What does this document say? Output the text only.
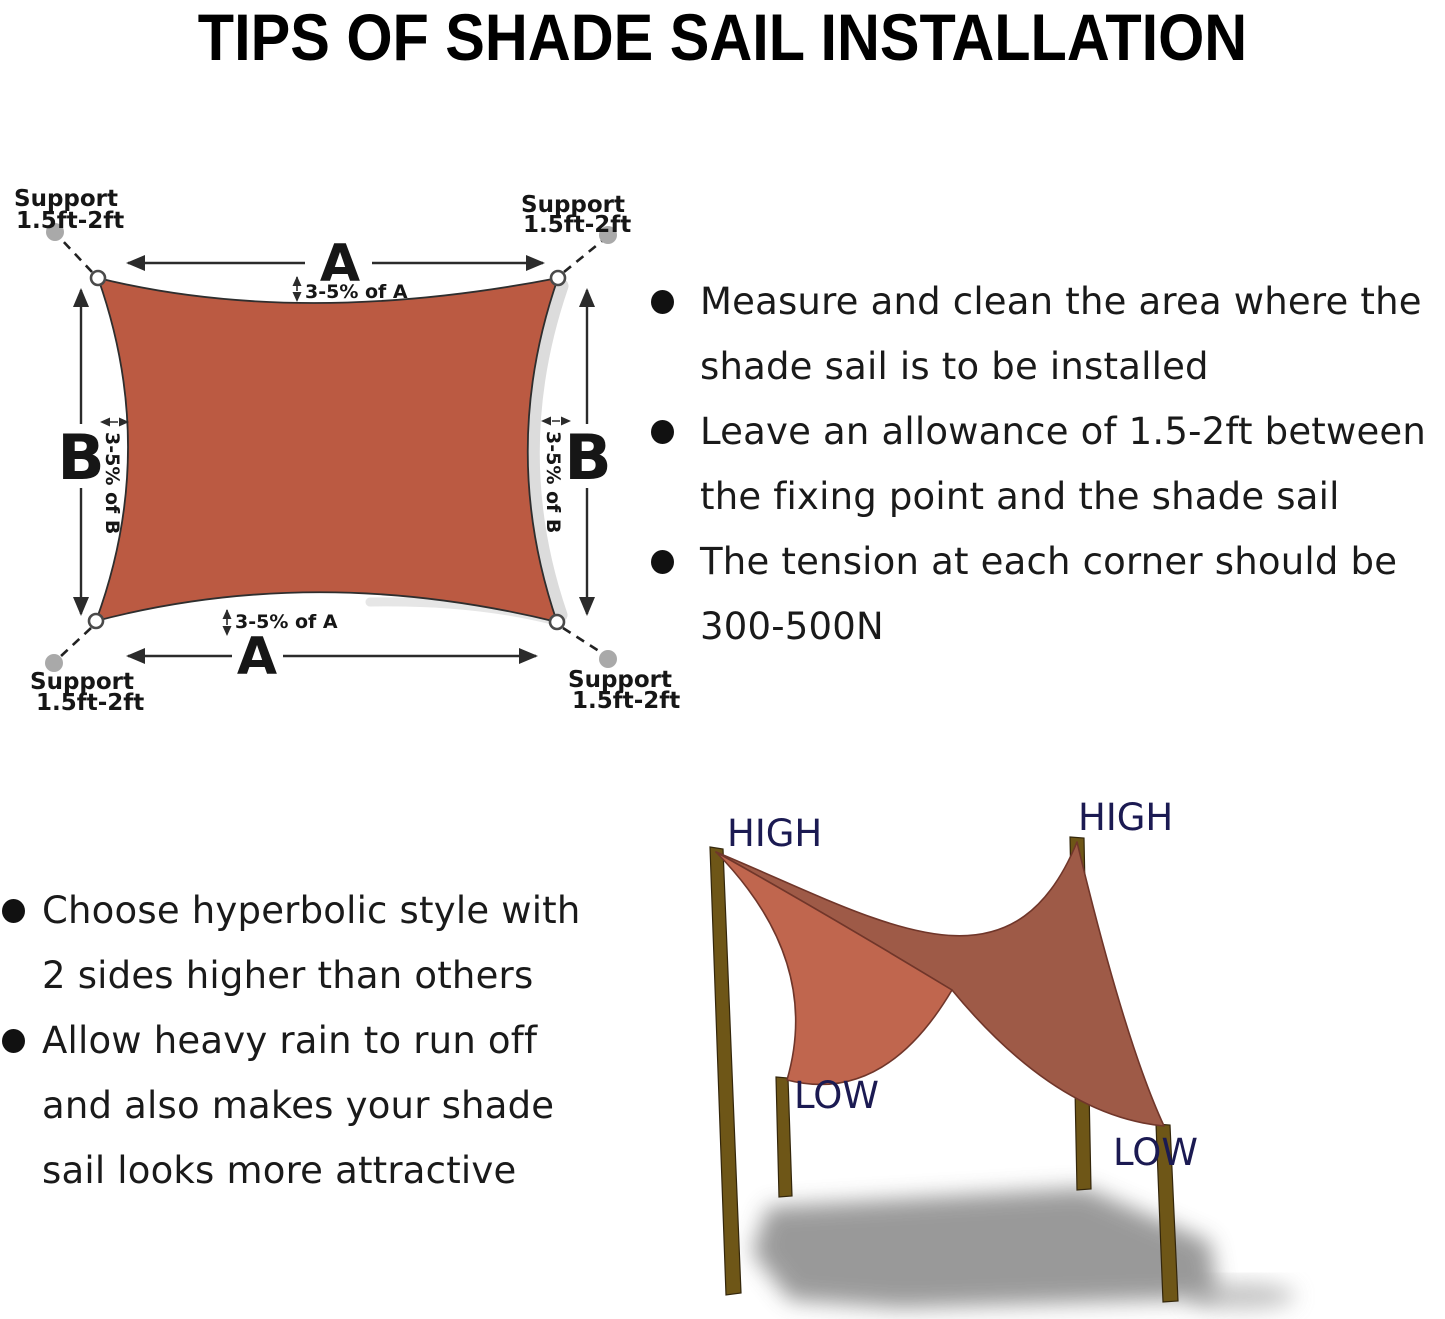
TIPS OF SHADE SAIL INSTALLATION
A
3-5% of A
A
3-5% of A
B
3-5% of B	B
3-5% of B
Support
1.5ft-2ft
Support
1.5ft-2ft
Support
1.5ft-2ft
Support
1.5ft-2ft
Measure and clean the area where the
shade sail is to be installed
Leave an allowance of 1.5-2ft between
the fixing point and the shade sail
The tension at each corner should be
300-500N
Choose hyperbolic style with
2 sides higher than others
Allow heavy rain to run off
and also makes your shade
sail looks more attractive
HIGH	HIGH
LOW
LOW
